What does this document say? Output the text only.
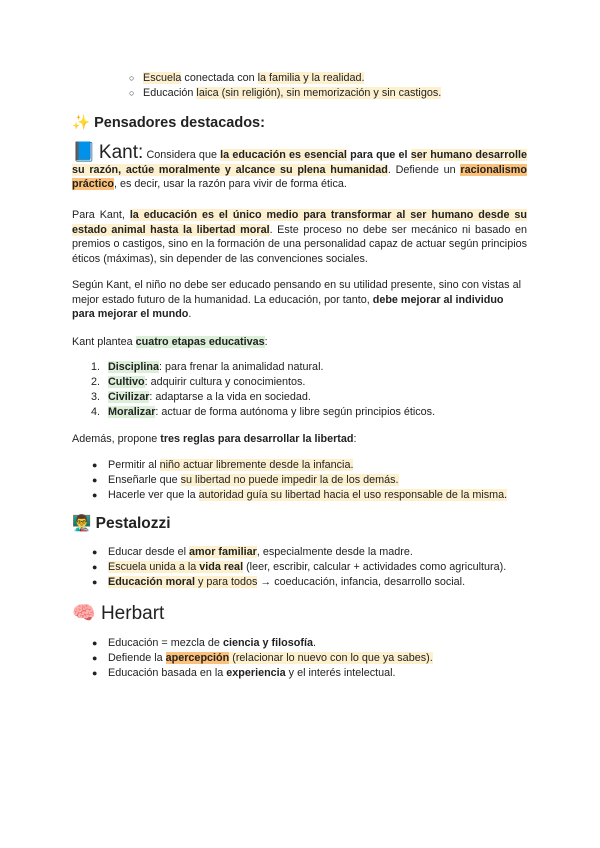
○ Escuela conectada con la familia y la realidad.
○ Educación laica (sin religión), sin memorización y sin castigos.
✨ Pensadores destacados:
📘 Kant: Considera que la educación es esencial para que el ser humano desarrolle su razón, actúe moralmente y alcance su plena humanidad. Defiende un racionalismo práctico, es decir, usar la razón para vivir de forma ética.
Para Kant, la educación es el único medio para transformar al ser humano desde su estado animal hasta la libertad moral. Este proceso no debe ser mecánico ni basado en premios o castigos, sino en la formación de una personalidad capaz de actuar según principios éticos (máximas), sin depender de las convenciones sociales.
Según Kant, el niño no debe ser educado pensando en su utilidad presente, sino con vistas al mejor estado futuro de la humanidad. La educación, por tanto, debe mejorar al individuo para mejorar el mundo.
Kant plantea cuatro etapas educativas:
1. Disciplina: para frenar la animalidad natural.
2. Cultivo: adquirir cultura y conocimientos.
3. Civilizar: adaptarse a la vida en sociedad.
4. Moralizar: actuar de forma autónoma y libre según principios éticos.
Además, propone tres reglas para desarrollar la libertad:
● Permitir al niño actuar libremente desde la infancia.
● Enseñarle que su libertad no puede impedir la de los demás.
● Hacerle ver que la autoridad guía su libertad hacia el uso responsable de la misma.
👨‍🏫 Pestalozzi
● Educar desde el amor familiar, especialmente desde la madre.
● Escuela unida a la vida real (leer, escribir, calcular + actividades como agricultura).
● Educación moral y para todos → coeducación, infancia, desarrollo social.
🧠 Herbart
● Educación = mezcla de ciencia y filosofía.
● Defiende la apercepción (relacionar lo nuevo con lo que ya sabes).
● Educación basada en la experiencia y el interés intelectual.
